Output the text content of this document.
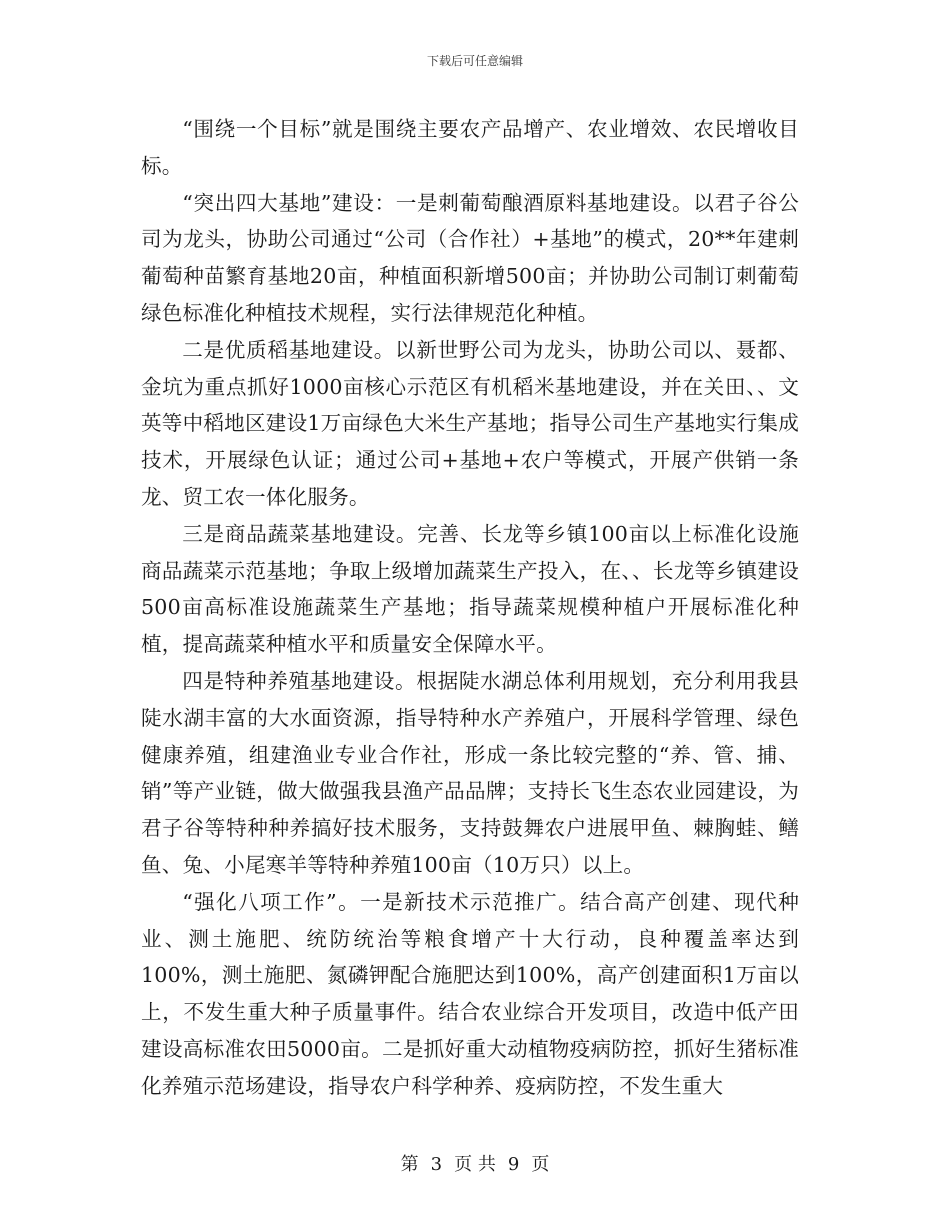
下载后可任意编辑

“围绕一个目标”就是围绕主要农产品增产、农业增效、农民增收目标。

“突出四大基地”建设：一是刺葡萄酿酒原料基地建设。以君子谷公司为龙头，协助公司通过“公司（合作社）+基地”的模式，20**年建刺葡萄种苗繁育基地20亩，种植面积新增500亩；并协助公司制订刺葡萄绿色标准化种植技术规程，实行法律规范化种植。

二是优质稻基地建设。以新世野公司为龙头，协助公司以、聂都、金坑为重点抓好1000亩核心示范区有机稻米基地建设，并在关田、、文英等中稻地区建设1万亩绿色大米生产基地；指导公司生产基地实行集成技术，开展绿色认证；通过公司+基地+农户等模式，开展产供销一条龙、贸工农一体化服务。

三是商品蔬菜基地建设。完善、长龙等乡镇100亩以上标准化设施商品蔬菜示范基地；争取上级增加蔬菜生产投入，在、、长龙等乡镇建设500亩高标准设施蔬菜生产基地；指导蔬菜规模种植户开展标准化种植，提高蔬菜种植水平和质量安全保障水平。

四是特种养殖基地建设。根据陡水湖总体利用规划，充分利用我县陡水湖丰富的大水面资源，指导特种水产养殖户，开展科学管理、绿色健康养殖，组建渔业专业合作社，形成一条比较完整的“养、管、捕、销”等产业链，做大做强我县渔产品品牌；支持长飞生态农业园建设，为君子谷等特种种养搞好技术服务，支持鼓舞农户进展甲鱼、棘胸蛙、鳝鱼、兔、小尾寒羊等特种养殖100亩（10万只）以上。

“强化八项工作”。一是新技术示范推广。结合高产创建、现代种业、测土施肥、统防统治等粮食增产十大行动，良种覆盖率达到100%，测土施肥、氮磷钾配合施肥达到100%，高产创建面积1万亩以上，不发生重大种子质量事件。结合农业综合开发项目，改造中低产田建设高标准农田5000亩。二是抓好重大动植物疫病防控，抓好生猪标准化养殖示范场建设，指导农户科学种养、疫病防控，不发生重大

第 3 页 共 9 页
